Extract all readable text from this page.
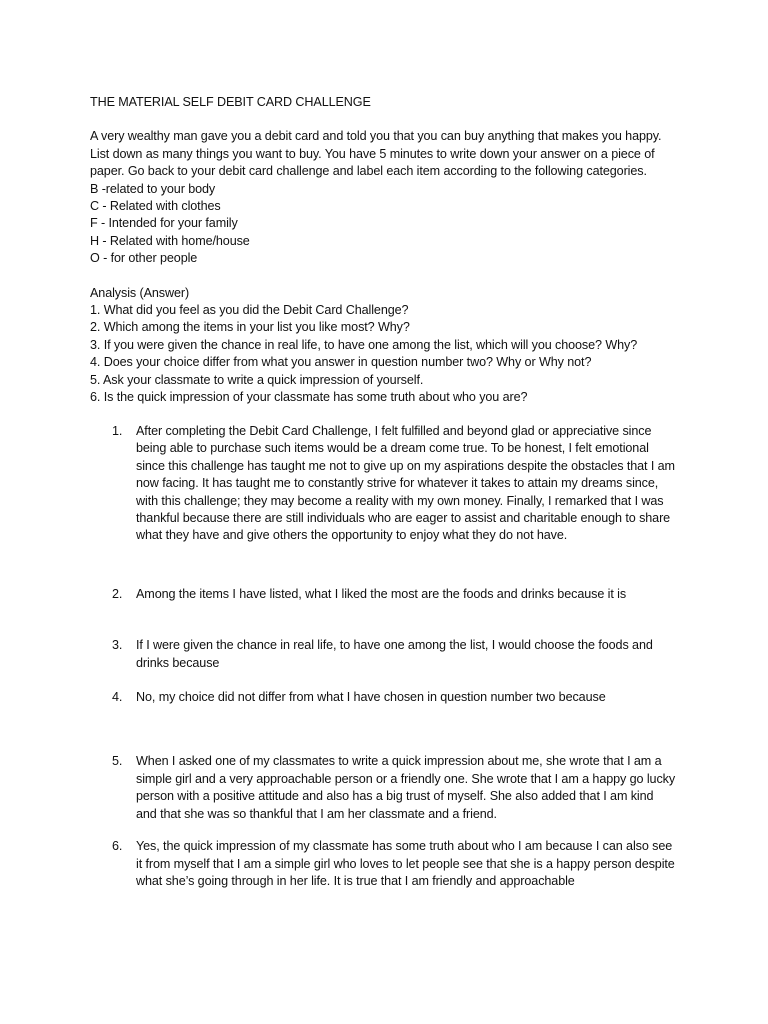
THE MATERIAL SELF DEBIT CARD CHALLENGE
A very wealthy man gave you a debit card and told you that you can buy anything that makes you happy.
List down as many things you want to buy. You have 5 minutes to write down your answer on a piece of
paper. Go back to your debit card challenge and label each item according to the following categories.
B -related to your body
C - Related with clothes
F - Intended for your family
H - Related with home/house
O - for other people
Analysis (Answer)
1. What did you feel as you did the Debit Card Challenge?
2. Which among the items in your list you like most? Why?
3. If you were given the chance in real life, to have one among the list, which will you choose? Why?
4. Does your choice differ from what you answer in question number two? Why or Why not?
5. Ask your classmate to write a quick impression of yourself.
6. Is the quick impression of your classmate has some truth about who you are?
1. After completing the Debit Card Challenge, I felt fulfilled and beyond glad or appreciative since being able to purchase such items would be a dream come true. To be honest, I felt emotional since this challenge has taught me not to give up on my aspirations despite the obstacles that I am now facing. It has taught me to constantly strive for whatever it takes to attain my dreams since, with this challenge; they may become a reality with my own money. Finally, I remarked that I was thankful because there are still individuals who are eager to assist and charitable enough to share what they have and give others the opportunity to enjoy what they do not have.
2. Among the items I have listed, what I liked the most are the foods and drinks because it is
3. If I were given the chance in real life, to have one among the list, I would choose the foods and drinks because
4. No, my choice did not differ from what I have chosen in question number two because
5. When I asked one of my classmates to write a quick impression about me, she wrote that I am a simple girl and a very approachable person or a friendly one. She wrote that I am a happy go lucky person with a positive attitude and also has a big trust of myself. She also added that I am kind and that she was so thankful that I am her classmate and a friend.
6. Yes, the quick impression of my classmate has some truth about who I am because I can also see it from myself that I am a simple girl who loves to let people see that she is a happy person despite what she’s going through in her life. It is true that I am friendly and approachable
